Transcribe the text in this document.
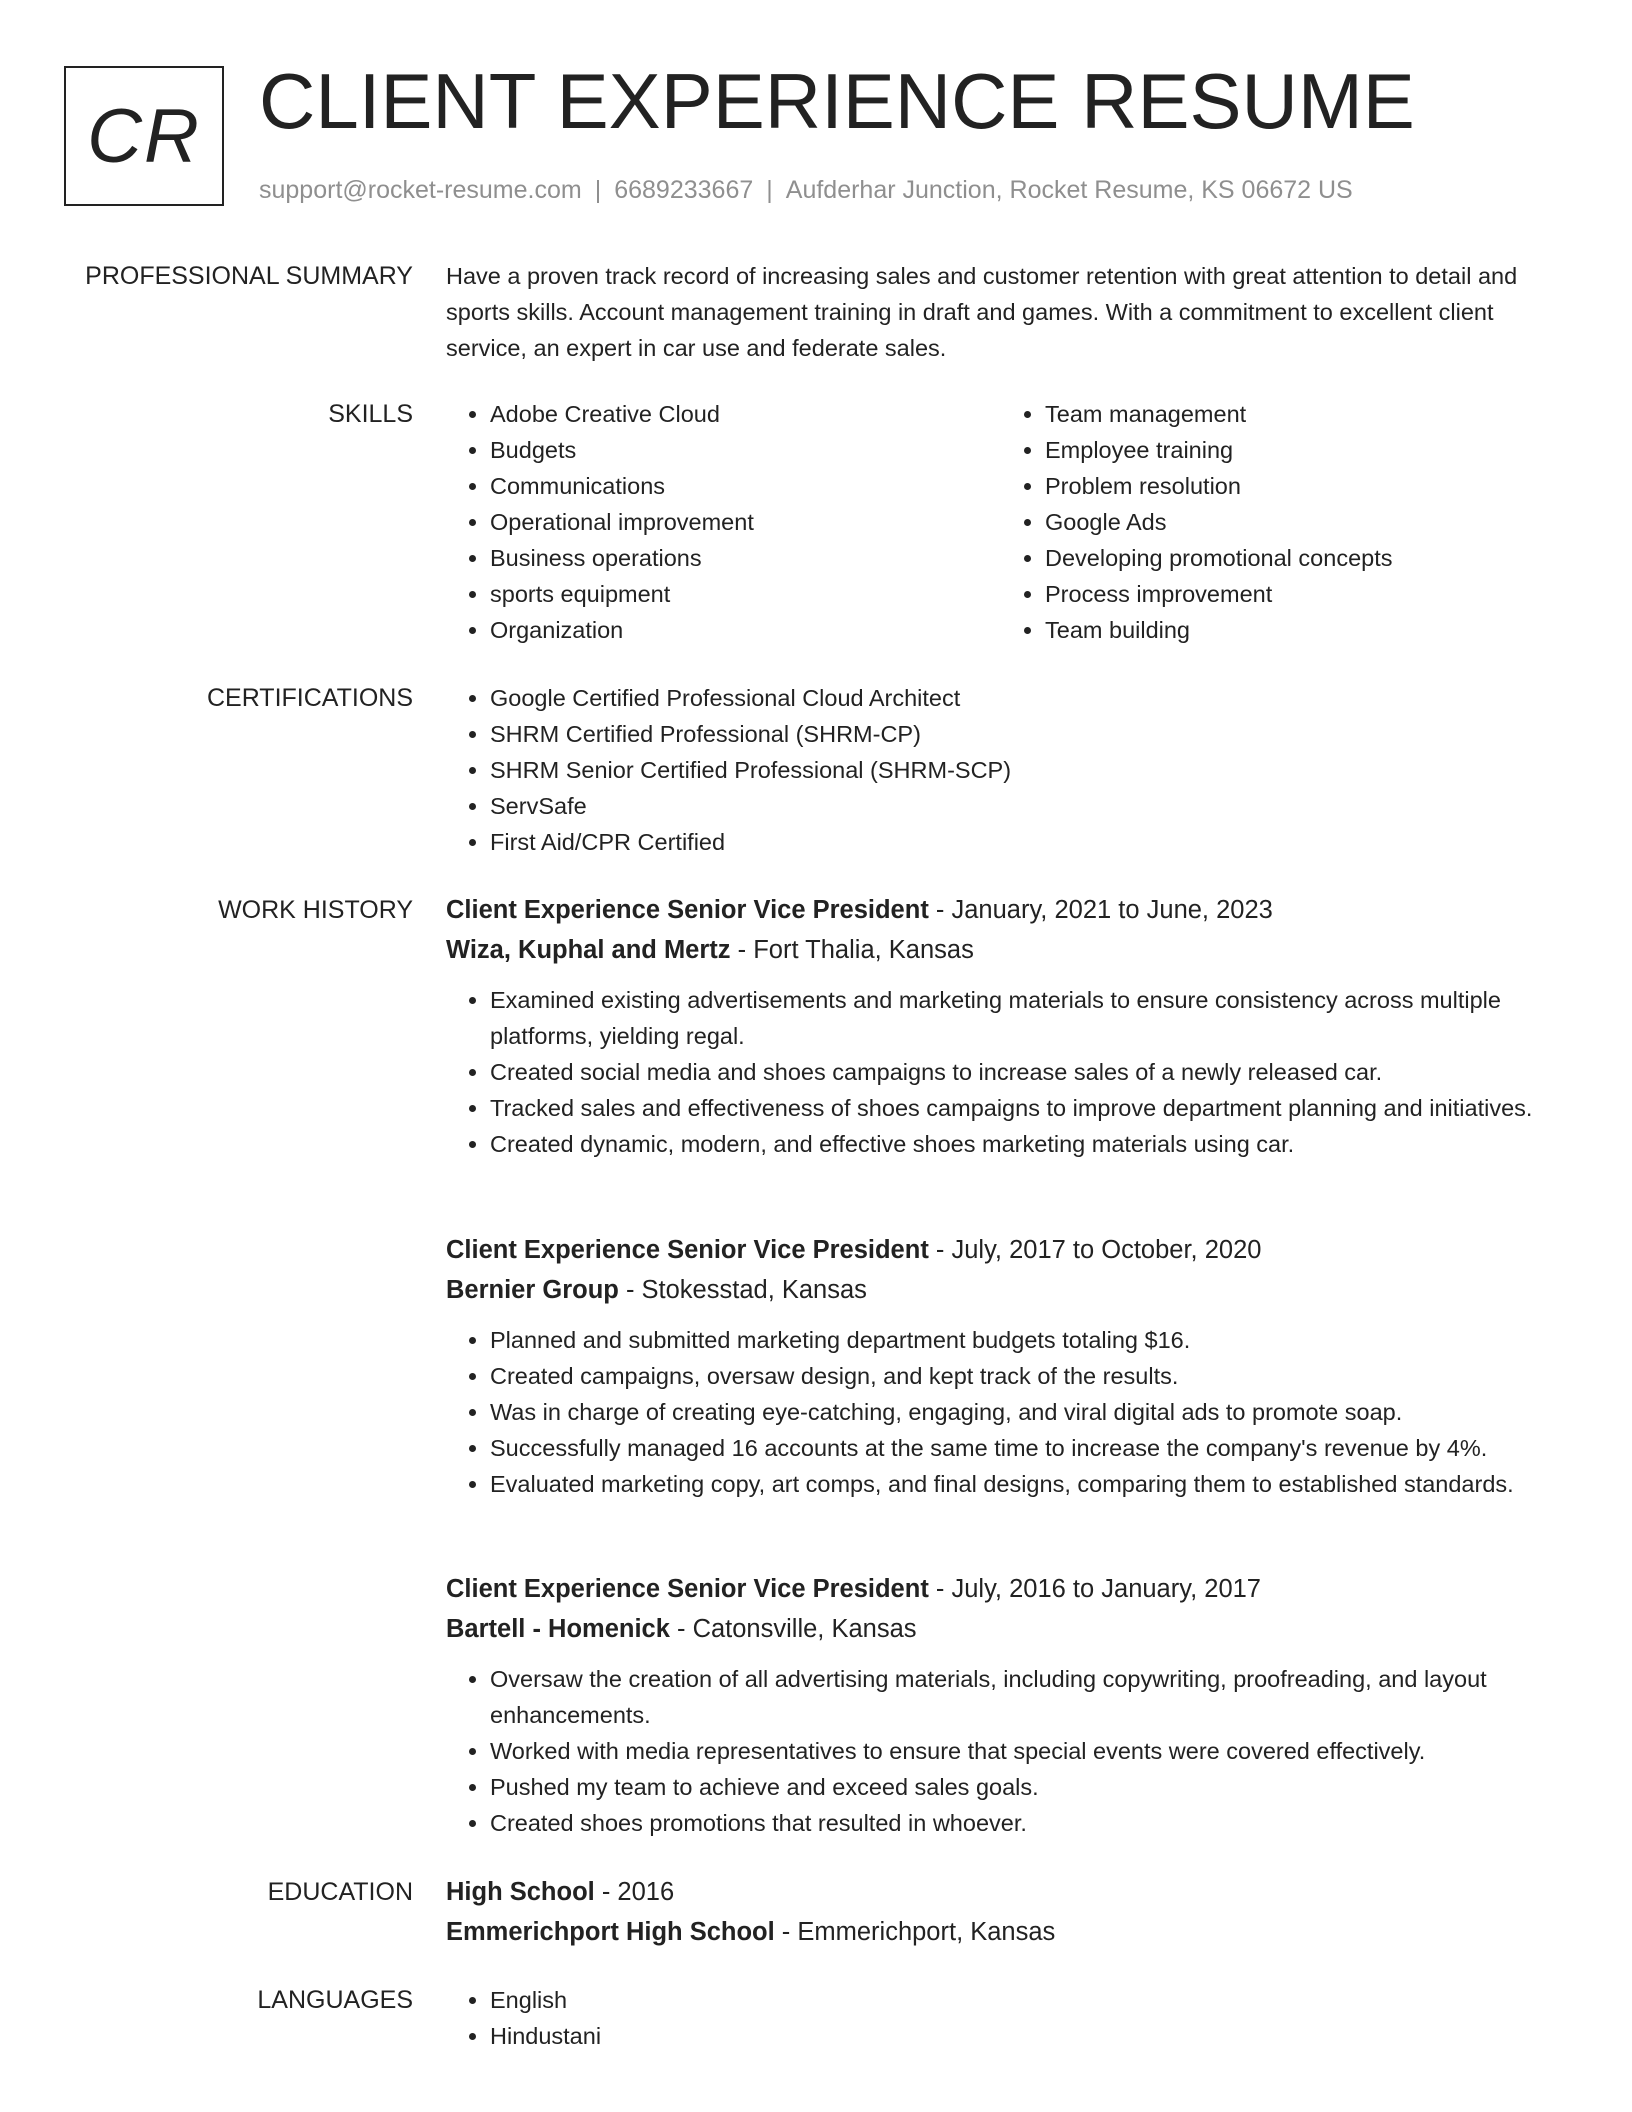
CR CLIENT EXPERIENCE RESUME
support@rocket-resume.com | 6689233667 | Aufderhar Junction, Rocket Resume, KS 06672 US
PROFESSIONAL SUMMARY Have a proven track record of increasing sales and customer retention with great attention to detail and sports skills. Account management training in draft and games. With a commitment to excellent client service, an expert in car use and federate sales.

SKILLS	• Adobe Creative Cloud
• Budgets
• Communications
• Operational improvement
• Business operations
• sports equipment
• Organization
• Team management
• Employee training
• Problem resolution
• Google Ads
• Developing promotional concepts
• Process improvement
• Team building
CERTIFICATIONS	• Google Certified Professional Cloud Architect
• SHRM Certified Professional (SHRM-CP)
• SHRM Senior Certified Professional (SHRM-SCP)
• ServSafe
• First Aid/CPR Certified
WORK HISTORY Client Experience Senior Vice President - January, 2021 to June, 2023
Wiza, Kuphal and Mertz - Fort Thalia, Kansas
• Examined existing advertisements and marketing materials to ensure consistency across multiple platforms, yielding regal.
• Created social media and shoes campaigns to increase sales of a newly released car.
• Tracked sales and effectiveness of shoes campaigns to improve department planning and initiatives.
• Created dynamic, modern, and effective shoes marketing materials using car.
Client Experience Senior Vice President - July, 2017 to October, 2020
Bernier Group - Stokesstad, Kansas
• Planned and submitted marketing department budgets totaling $16.
• Created campaigns, oversaw design, and kept track of the results.
• Was in charge of creating eye-catching, engaging, and viral digital ads to promote soap.
• Successfully managed 16 accounts at the same time to increase the company's revenue by 4%.
• Evaluated marketing copy, art comps, and final designs, comparing them to established standards.
Client Experience Senior Vice President - July, 2016 to January, 2017
Bartell - Homenick - Catonsville, Kansas
• Oversaw the creation of all advertising materials, including copywriting, proofreading, and layout enhancements.
• Worked with media representatives to ensure that special events were covered effectively.
• Pushed my team to achieve and exceed sales goals.
• Created shoes promotions that resulted in whoever.
EDUCATION High School - 2016
Emmerichport High School - Emmerichport, Kansas
LANGUAGES	• English
• Hindustani
